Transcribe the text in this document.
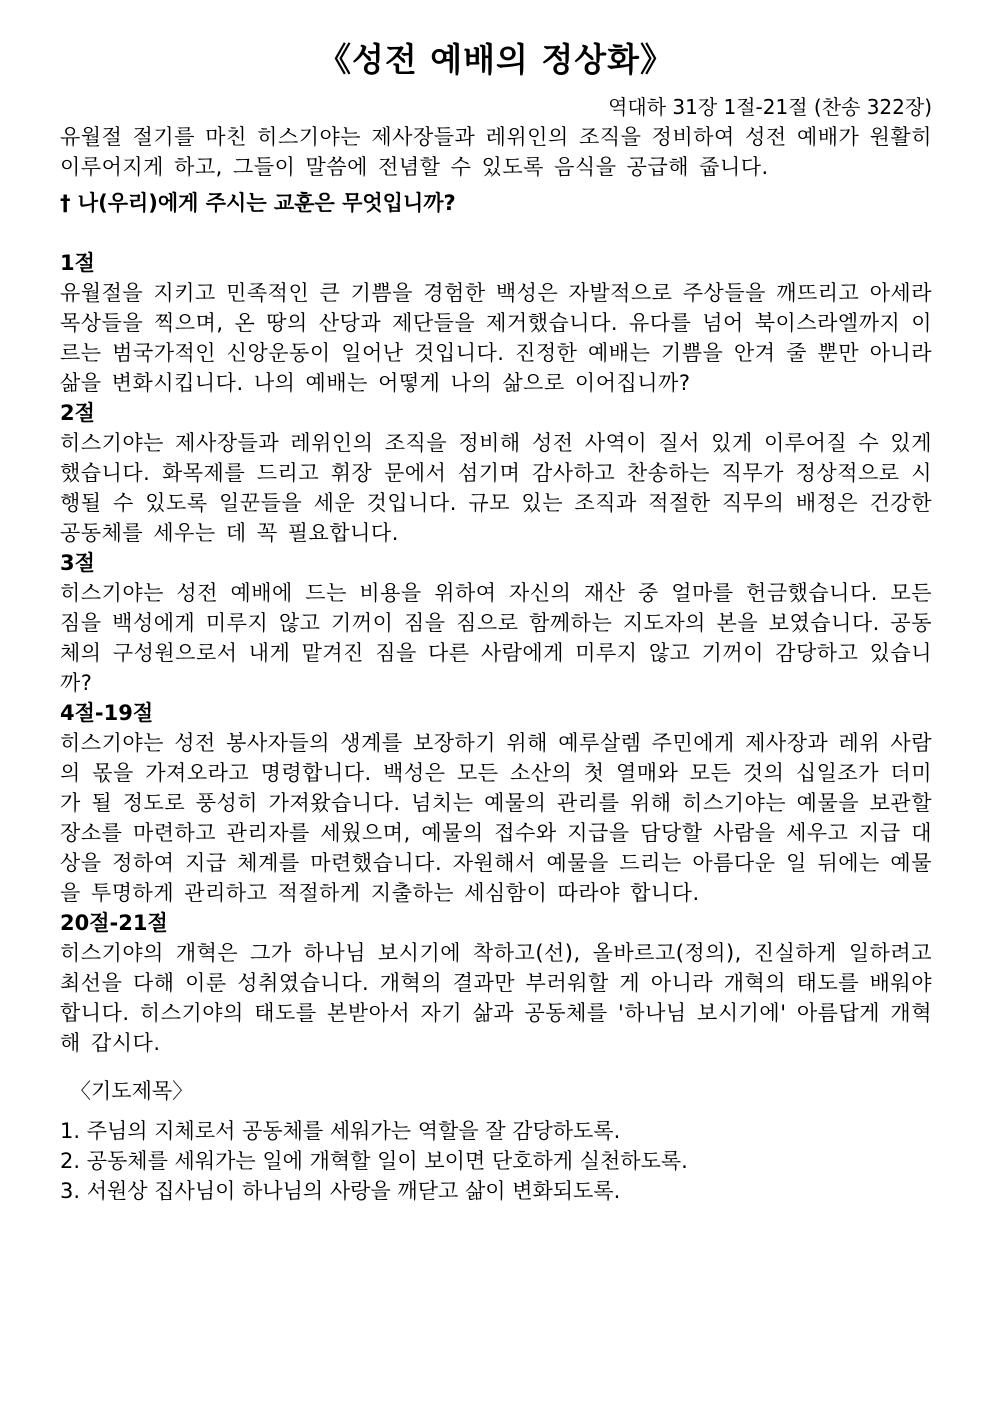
《성전 예배의 정상화》

역대하 31장 1절-21절 (찬송 322장)

유월절 절기를 마친 히스기야는 제사장들과 레위인의 조직을 정비하여 성전 예배가 원활히 이루어지게 하고, 그들이 말씀에 전념할 수 있도록 음식을 공급해 줍니다.

† 나(우리)에게 주시는 교훈은 무엇입니까?

1절

유월절을 지키고 민족적인 큰 기쁨을 경험한 백성은 자발적으로 주상들을 깨뜨리고 아세라 목상들을 찍으며, 온 땅의 산당과 제단들을 제거했습니다. 유다를 넘어 북이스라엘까지 이르는 범국가적인 신앙운동이 일어난 것입니다. 진정한 예배는 기쁨을 안겨 줄 뿐만 아니라 삶을 변화시킵니다. 나의 예배는 어떻게 나의 삶으로 이어집니까?

2절

히스기야는 제사장들과 레위인의 조직을 정비해 성전 사역이 질서 있게 이루어질 수 있게 했습니다. 화목제를 드리고 휘장 문에서 섬기며 감사하고 찬송하는 직무가 정상적으로 시행될 수 있도록 일꾼들을 세운 것입니다. 규모 있는 조직과 적절한 직무의 배정은 건강한 공동체를 세우는 데 꼭 필요합니다.

3절

히스기야는 성전 예배에 드는 비용을 위하여 자신의 재산 중 얼마를 헌금했습니다. 모든 짐을 백성에게 미루지 않고 기꺼이 짐을 짐으로 함께하는 지도자의 본을 보였습니다. 공동체의 구성원으로서 내게 맡겨진 짐을 다른 사람에게 미루지 않고 기꺼이 감당하고 있습니까?

4절-19절

히스기야는 성전 봉사자들의 생계를 보장하기 위해 예루살렘 주민에게 제사장과 레위 사람의 몫을 가져오라고 명령합니다. 백성은 모든 소산의 첫 열매와 모든 것의 십일조가 더미가 될 정도로 풍성히 가져왔습니다. 넘치는 예물의 관리를 위해 히스기야는 예물을 보관할 장소를 마련하고 관리자를 세웠으며, 예물의 접수와 지급을 담당할 사람을 세우고 지급 대상을 정하여 지급 체계를 마련했습니다. 자원해서 예물을 드리는 아름다운 일 뒤에는 예물을 투명하게 관리하고 적절하게 지출하는 세심함이 따라야 합니다.

20절-21절

히스기야의 개혁은 그가 하나님 보시기에 착하고(선), 올바르고(정의), 진실하게 일하려고 최선을 다해 이룬 성취였습니다. 개혁의 결과만 부러워할 게 아니라 개혁의 태도를 배워야 합니다. 히스기야의 태도를 본받아서 자기 삶과 공동체를 '하나님 보시기에' 아름답게 개혁해 갑시다.

〈기도제목〉

1. 주님의 지체로서 공동체를 세워가는 역할을 잘 감당하도록.
2. 공동체를 세워가는 일에 개혁할 일이 보이면 단호하게 실천하도록.
3. 서원상 집사님이 하나님의 사랑을 깨닫고 삶이 변화되도록.
